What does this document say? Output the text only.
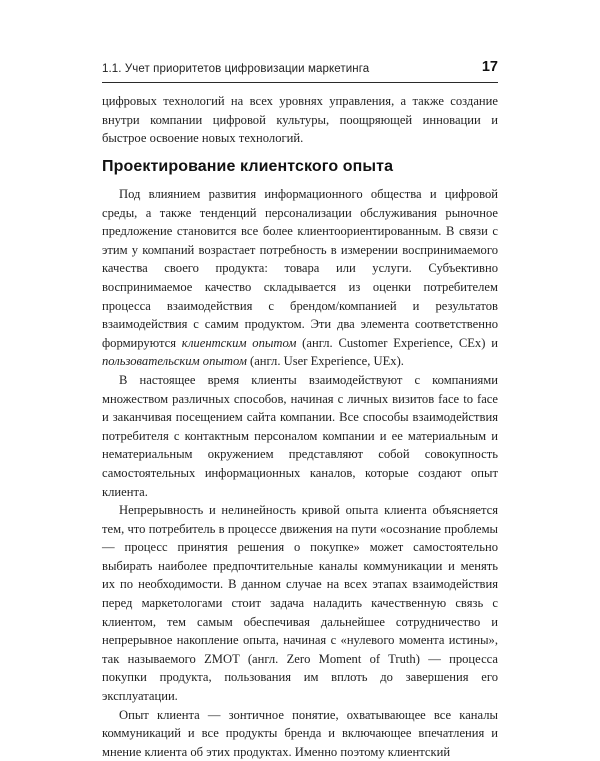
1.1. Учет приоритетов цифровизации маркетинга	17

цифровых технологий на всех уровнях управления, а также создание внутри компании цифровой культуры, поощряющей инновации и быстрое освоение новых технологий.

Проектирование клиентского опыта

Под влиянием развития информационного общества и цифровой среды, а также тенденций персонализации обслуживания рыночное предложение становится все более клиентоориентированным. В связи с этим у компаний возрастает потребность в измерении воспринимаемого качества своего продукта: товара или услуги. Субъективно воспринимаемое качество складывается из оценки потребителем процесса взаимодействия с брендом/компанией и результатов взаимодействия с самим продуктом. Эти два элемента соответственно формируются клиентским опытом (англ. Customer Experience, CEx) и пользовательским опытом (англ. User Experience, UEx).

В настоящее время клиенты взаимодействуют с компаниями множеством различных способов, начиная с личных визитов face to face и заканчивая посещением сайта компании. Все способы взаимодействия потребителя с контактным персоналом компании и ее материальным и нематериальным окружением представляют собой совокупность самостоятельных информационных каналов, которые создают опыт клиента.

Непрерывность и нелинейность кривой опыта клиента объясняется тем, что потребитель в процессе движения на пути «осознание проблемы — процесс принятия решения о покупке» может самостоятельно выбирать наиболее предпочтительные каналы коммуникации и менять их по необходимости. В данном случае на всех этапах взаимодействия перед маркетологами стоит задача наладить качественную связь с клиентом, тем самым обеспечивая дальнейшее сотрудничество и непрерывное накопление опыта, начиная с «нулевого момента истины», так называемого ZMOT (англ. Zero Moment of Truth) — процесса покупки продукта, пользования им вплоть до завершения его эксплуатации.

Опыт клиента — зонтичное понятие, охватывающее все каналы коммуникаций и все продукты бренда и включающее впечатления и мнение клиента об этих продуктах. Именно поэтому клиентский
